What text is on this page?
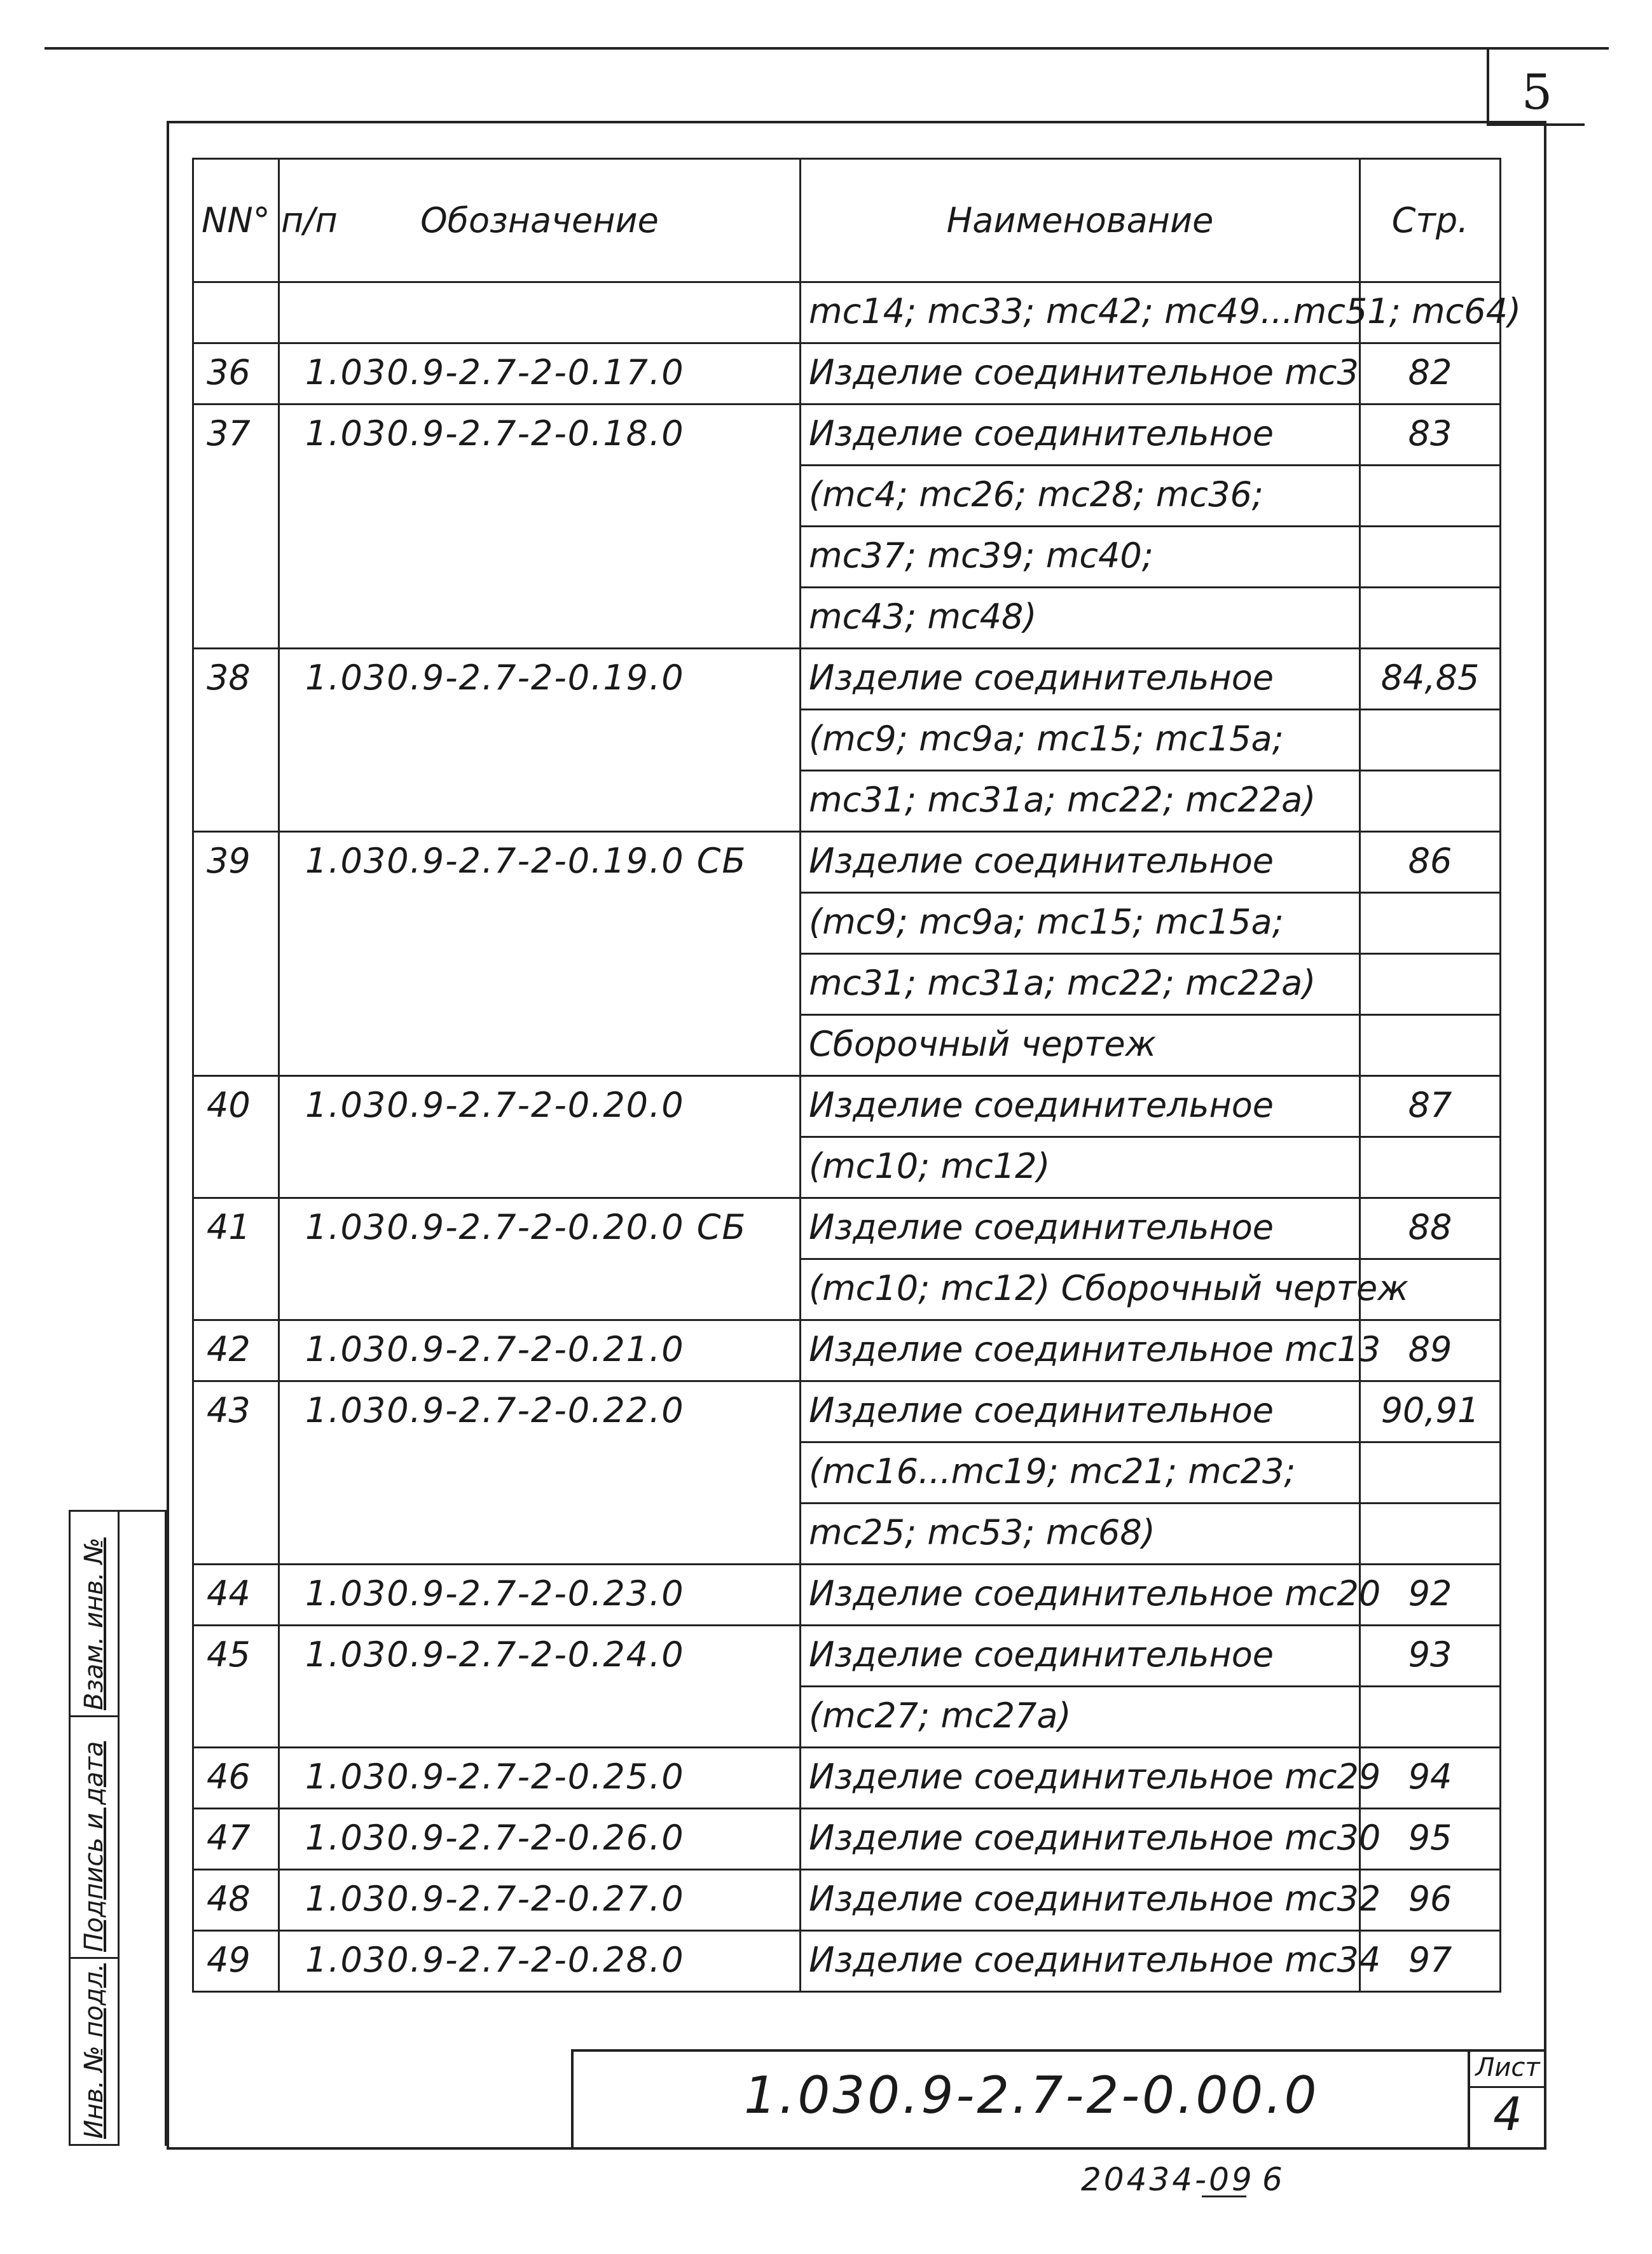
5
NN° п/п	Обозначение	Наименование	Стр.
		mc14; mc33; mc42; mc49...mc51; mc64)	
36	1.030.9-2.7-2-0.17.0	Изделие соединительное mc3	82
37	1.030.9-2.7-2-0.18.0	Изделие соединительное	83
		(mc4; mc26; mc28; mc36;	
		mc37; mc39; mc40;	
		mc43; mc48)	
38	1.030.9-2.7-2-0.19.0	Изделие соединительное	84,85
		(mc9; mc9a; mc15; mc15a;	
		mc31; mc31a; mc22; mc22a)	
39	1.030.9-2.7-2-0.19.0 СБ	Изделие соединительное	86
		(mc9; mc9a; mc15; mc15a;	
		mc31; mc31a; mc22; mc22a)	
		Сборочный чертеж	
40	1.030.9-2.7-2-0.20.0	Изделие соединительное	87
		(mc10; mc12)	
41	1.030.9-2.7-2-0.20.0 СБ	Изделие соединительное	88
		(mc10; mc12) Сборочный чертеж	
42	1.030.9-2.7-2-0.21.0	Изделие соединительное mc13	89
43	1.030.9-2.7-2-0.22.0	Изделие соединительное	90,91
		(mc16...mc19; mc21; mc23;	
		mc25; mc53; mc68)	
44	1.030.9-2.7-2-0.23.0	Изделие соединительное mc20	92
45	1.030.9-2.7-2-0.24.0	Изделие соединительное	93
		(mc27; mc27a)	
46	1.030.9-2.7-2-0.25.0	Изделие соединительное mc29	94
47	1.030.9-2.7-2-0.26.0	Изделие соединительное mc30	95
48	1.030.9-2.7-2-0.27.0	Изделие соединительное mc32	96
49	1.030.9-2.7-2-0.28.0	Изделие соединительное mc34	97
Взам. инв. №
Подпись и дата
Инв. № подл.	1.030.9-2.7-2-0.00.0	Лист
4
20434-09 6
